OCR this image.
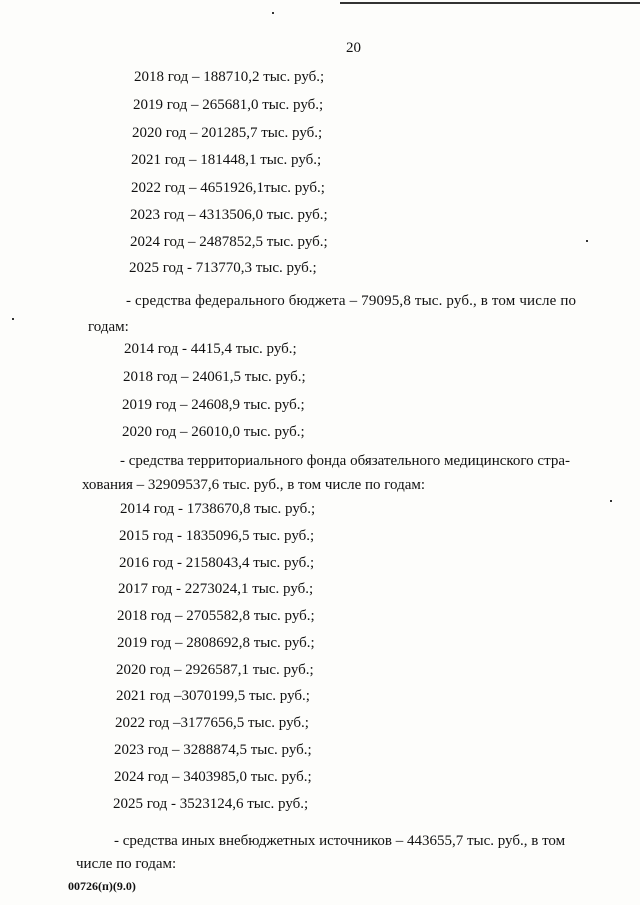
20
2018 год – 188710,2 тыс. руб.;
2019 год – 265681,0 тыс. руб.;
2020 год – 201285,7 тыс. руб.;
2021 год – 181448,1 тыс. руб.;
2022 год – 4651926,1тыс. руб.;
2023 год – 4313506,0 тыс. руб.;
2024 год – 2487852,5 тыс. руб.;
2025 год - 713770,3 тыс. руб.;
- средства федерального бюджета – 79095,8 тыс. руб., в том числе по
годам:
2014 год - 4415,4 тыс. руб.;
2018 год – 24061,5 тыс. руб.;
2019 год – 24608,9 тыс. руб.;
2020 год – 26010,0 тыс. руб.;
- средства территориального фонда обязательного медицинского стра-
хования – 32909537,6 тыс. руб., в том числе по годам:
2014 год - 1738670,8 тыс. руб.;
2015 год - 1835096,5 тыс. руб.;
2016 год - 2158043,4 тыс. руб.;
2017 год - 2273024,1 тыс. руб.;
2018 год – 2705582,8 тыс. руб.;
2019 год – 2808692,8 тыс. руб.;
2020 год – 2926587,1 тыс. руб.;
2021 год –3070199,5 тыс. руб.;
2022 год –3177656,5 тыс. руб.;
2023 год – 3288874,5 тыс. руб.;
2024 год – 3403985,0 тыс. руб.;
2025 год - 3523124,6 тыс. руб.;
- средства иных внебюджетных источников – 443655,7 тыс. руб., в том
числе по годам:
00726(п)(9.0)
